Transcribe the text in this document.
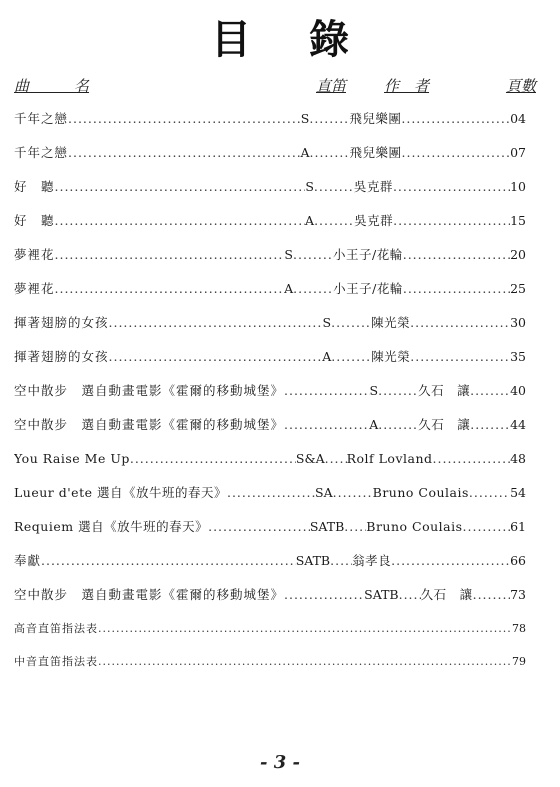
目 錄
曲　　　名	直笛	作　者	頁數
千年之戀 .....	S .....	飛兒樂團 .....	04
千年之戀 .....	A .....	飛兒樂團 .....	07
好　聽 .....	S .....	吳克群 .....	10
好　聽 .....	A .....	吳克群 .....	15
夢裡花 .....	S .....	小王子/花輪 .....	20
夢裡花 .....	A .....	小王子/花輪 .....	25
揮著翅膀的女孩 .....	S .....	陳光榮 .....	30
揮著翅膀的女孩 .....	A .....	陳光榮 .....	35
空中散步　選自動畫電影《霍爾的移動城堡》 .....	S .....	久石　讓 .....	40
空中散步　選自動畫電影《霍爾的移動城堡》 .....	A .....	久石　讓 .....	44
You Raise Me Up .....	S&A ..... Rolf Lovland .....	48
Lueur d'ete 選自《放牛班的春天》 .....	SA .....	Bruno Coulais .....	54
Requiem 選自《放牛班的春天》 .....	SATB ..... Bruno Coulais .....	61
奉獻 .....	SATB ..... 翁孝良 .....	66
空中散步　選自動畫電影《霍爾的移動城堡》 .....	SATB ..... 久石　讓 .....	73
高音直笛指法表 .....	78
中音直笛指法表 .....	79
- 3 -
